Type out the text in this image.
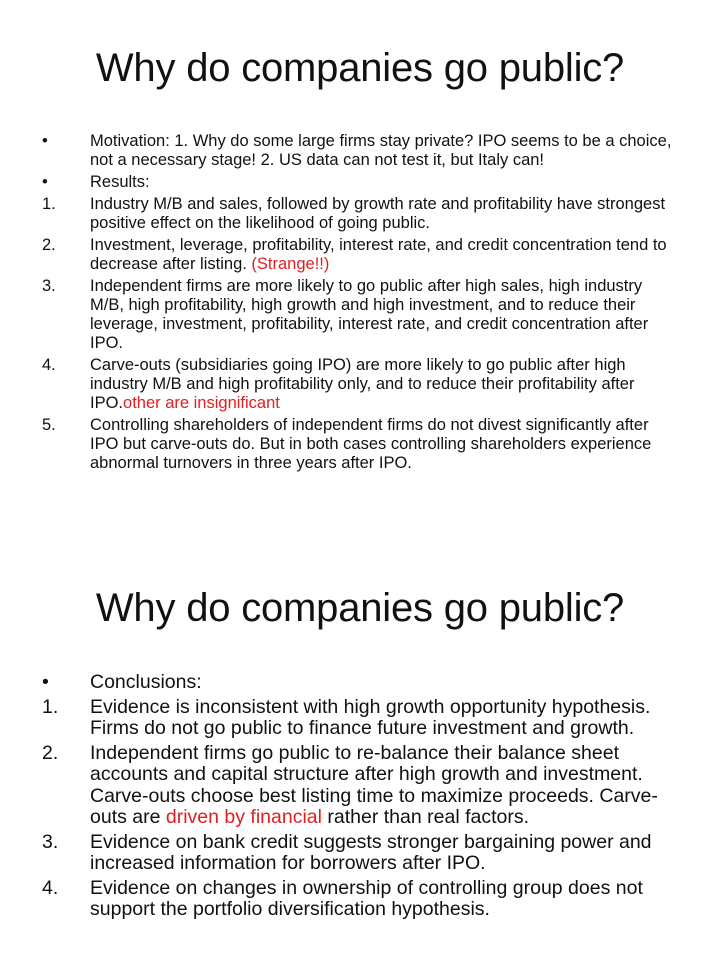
Why do companies go public?
•	Motivation: 1. Why do some large firms stay private? IPO seems to be a choice, not a necessary stage! 2. US data can not test it, but Italy can!
•	Results:
1. Industry M/B and sales, followed by growth rate and profitability have strongest positive effect on the likelihood of going public.
2. Investment, leverage, profitability, interest rate, and credit concentration tend to decrease after listing. (Strange!!)
3. Independent firms are more likely to go public after high sales, high industry M/B, high profitability, high growth and high investment, and to reduce their leverage, investment, profitability, interest rate, and credit concentration after IPO.
4. Carve-outs (subsidiaries going IPO) are more likely to go public after high industry M/B and high profitability only, and to reduce their profitability after IPO.other are insignificant
5. Controlling shareholders of independent firms do not divest significantly after IPO but carve-outs do. But in both cases controlling shareholders experience abnormal turnovers in three years after IPO.
Why do companies go public?
• Conclusions:
1. Evidence is inconsistent with high growth opportunity hypothesis. Firms do not go public to finance future investment and growth.
2. Independent firms go public to re-balance their balance sheet accounts and capital structure after high growth and investment. Carve-outs choose best listing time to maximize proceeds. Carve-outs are driven by financial rather than real factors.
3. Evidence on bank credit suggests stronger bargaining power and increased information for borrowers after IPO.
4. Evidence on changes in ownership of controlling group does not support the portfolio diversification hypothesis.
